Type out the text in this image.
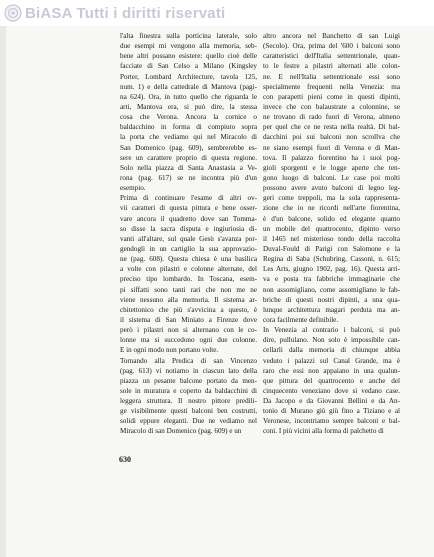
BiASA Tutti i diritti riservati
l'alta finestra sulla porticina laterale, solo
due esempi mi vengono alla memoria, seb-
bene altri possano esistere: quello cioè delle
facciate di San Celso a Milano (Kingsley
Porter, Lombard Architecture, tavola 125,
num. 1) e della cattedrale di Mantova (pagi-
na 624). Ora, in tutto quello che riguarda le
arti, Mantova era, si può dire, la stessa
cosa che Verona. Ancora la cornice o
baldacchino in forma di compiuto sopra
la porta che vediamo qui nel Miracolo di
San Domenico (pag. 609), sembrerebbe es-
sere un carattere proprio di questa regione.
Solo nella piazza di Santa Anastasia a Ve-
rona (pag. 617) se ne incontra più d'un
esempio.
Prima di continuare l'esame di altri ov-
vii caratteri di questa pittura e bene osser-
vare ancora il quadretto dove san Tomma-
so disse la sacra disputa e ingiuriosia di-
vanti all'altare, sul quale Gesù s'avanza por-
gendogli in un cartiglio la sua approvazio-
ne (pag. 608). Questa chiesa è una basilica
a volte con pilastri e colonne alternate, del
preciso tipo lombardo. In Toscana, esem-
pi siffatti sono tanti rari che non me ne
viene nessuno alla memoria. Il sistema ar-
chitettonico che più s'avvicina a questo, è
il sistema di San Miniato a Firenze dove
però i pilastri non si alternano con le co-
lonne ma si succedono ogni due colonne.
E in ogni modo non portano volte.
Tornando alla Predica di san Vincenzo
(pag. 613) vi notiamo in ciascun lato della
piazza un pesante balcone portato da men-
sole in muratura e coperto da baldacchini di
leggera struttura. Il nostro pittore predili-
ge visibilmente questi balconi ben costrutti,
solidi eppure eleganti. Due ne vediamo nel
Miracolo di san Domenico (pag. 609) e un
altro ancora nel Banchetto di san Luigi
(Secolo). Ora, prima del '600 i balconi sono
caratteristici dell'Italia settentrionale, quan-
to le festre a pilastri alternati alle colon-
ne. E nell'Italia settentrionale essi sono
specialmente frequenti nella Venezia: ma
con parapetti pieni come in questi dipinti,
invece che con balaustrate a colonnine, se
ne trovano di rado fuori di Verona, almeno
per quel che ce ne resta nella realtà. Di bal-
dacchini poi sui balconi non scrollva che
ne siano esempi fuori di Verona e di Man-
tova. Il palazzo fiorentino ha i suoi pog-
gioli sporgenti e le logge aperte che ten-
gono luogo di balconi. Le case poi molti
possono avere avuto balconi di legno leg-
geri come treppoli, ma la sola rappresenta-
zione che io ne ricordi nell'arte fiorentina,
è d'un balcone, solido ed elegante quanto
un mobile del quattrocento, dipinto verso
il 1465 nel misterioso tondo della raccolta
Duval-Fould di Parigi con Salomone e la
Regina di Saba (Schubring, Cassoni, n. 615;
Les Arts, giugno 1902, pag. 16). Questa arri-
va e posta tra fabbriche immaginarie che
non assomigliano, come assomigliano le fab-
briche di questi nostri dipinti, a una qua-
lunque architettura magari perduta ma an-
cora facilmente definibile.
In Venezia al contrario i balconi, si può
dire, pullulano. Non solo è impossibile can-
cellarli dalla memoria di chiunque abbia
veduto i palazzi sul Canal Grande, ma è
raro che essi non appaiano in una qualun-
que pittura del quattrocento e anche del
cinquecento veneziano dove si vedano case.
Da Jacopo e da Giovanni Bellini e da An-
tonio di Murano giù giù fino a Tiziano e al
Veronese, incontriamo sempre balconi e bal-
coni. I più vicini alla forma di palchetto di
630
